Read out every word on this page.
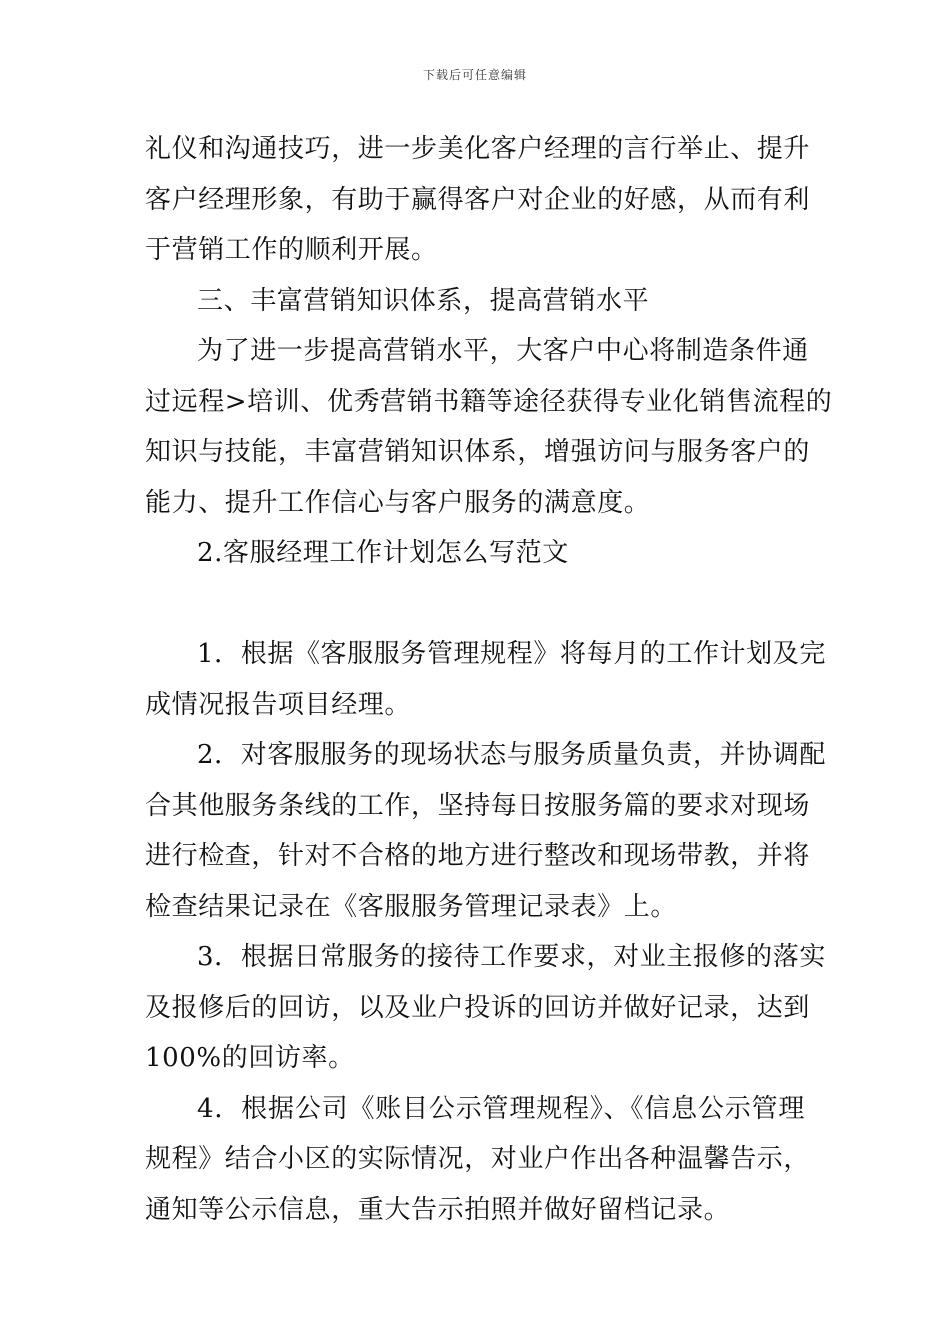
下载后可任意编辑
礼仪和沟通技巧，进一步美化客户经理的言行举止、提升
客户经理形象，有助于赢得客户对企业的好感，从而有利
于营销工作的顺利开展。
三、丰富营销知识体系，提高营销水平
为了进一步提高营销水平，大客户中心将制造条件通
过远程>培训、优秀营销书籍等途径获得专业化销售流程的
知识与技能，丰富营销知识体系，增强访问与服务客户的
能力、提升工作信心与客户服务的满意度。
2.客服经理工作计划怎么写范文
1．根据《客服服务管理规程》将每月的工作计划及完
成情况报告项目经理。
2．对客服服务的现场状态与服务质量负责，并协调配
合其他服务条线的工作，坚持每日按服务篇的要求对现场
进行检查，针对不合格的地方进行整改和现场带教，并将
检查结果记录在《客服服务管理记录表》上。
3．根据日常服务的接待工作要求，对业主报修的落实
及报修后的回访，以及业户投诉的回访并做好记录，达到
100%的回访率。
4．根据公司《账目公示管理规程》、《信息公示管理
规程》结合小区的实际情况，对业户作出各种温馨告示，
通知等公示信息，重大告示拍照并做好留档记录。
